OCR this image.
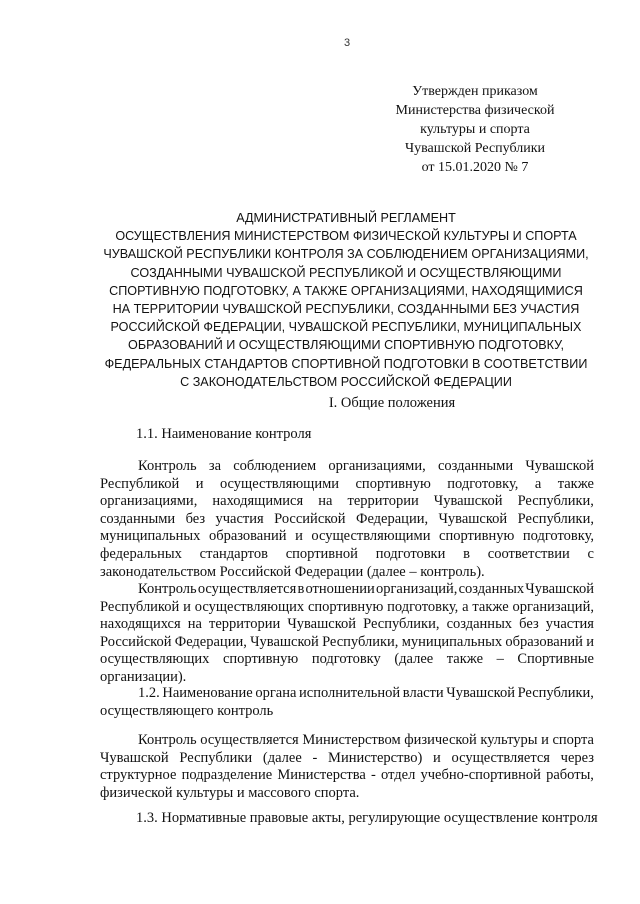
3
Утвержден приказом
Министерства физической
культуры и спорта
Чувашской Республики
от 15.01.2020 № 7
АДМИНИСТРАТИВНЫЙ РЕГЛАМЕНТ
ОСУЩЕСТВЛЕНИЯ МИНИСТЕРСТВОМ ФИЗИЧЕСКОЙ КУЛЬТУРЫ И СПОРТА
ЧУВАШСКОЙ РЕСПУБЛИКИ КОНТРОЛЯ ЗА СОБЛЮДЕНИЕМ ОРГАНИЗАЦИЯМИ,
СОЗДАННЫМИ ЧУВАШСКОЙ РЕСПУБЛИКОЙ И ОСУЩЕСТВЛЯЮЩИМИ
СПОРТИВНУЮ ПОДГОТОВКУ, А ТАКЖЕ ОРГАНИЗАЦИЯМИ, НАХОДЯЩИМИСЯ
НА ТЕРРИТОРИИ ЧУВАШСКОЙ РЕСПУБЛИКИ, СОЗДАННЫМИ БЕЗ УЧАСТИЯ
РОССИЙСКОЙ ФЕДЕРАЦИИ, ЧУВАШСКОЙ РЕСПУБЛИКИ, МУНИЦИПАЛЬНЫХ
ОБРАЗОВАНИЙ И ОСУЩЕСТВЛЯЮЩИМИ СПОРТИВНУЮ ПОДГОТОВКУ,
ФЕДЕРАЛЬНЫХ СТАНДАРТОВ СПОРТИВНОЙ ПОДГОТОВКИ В СООТВЕТСТВИИ
С ЗАКОНОДАТЕЛЬСТВОМ РОССИЙСКОЙ ФЕДЕРАЦИИ
I. Общие положения
1.1. Наименование контроля
Контроль за соблюдением организациями, созданными Чувашской
Республикой и осуществляющими спортивную подготовку, а также
организациями, находящимися на территории Чувашской Республики,
созданными без участия Российской Федерации, Чувашской Республики,
муниципальных образований и осуществляющими спортивную подготовку,
федеральных стандартов спортивной подготовки в соответствии с
законодательством Российской Федерации (далее – контроль).
Контроль осуществляется в отношении организаций, созданных Чувашской
Республикой и осуществляющих спортивную подготовку, а также организаций,
находящихся на территории Чувашской Республики, созданных без участия
Российской Федерации, Чувашской Республики, муниципальных образований и
осуществляющих спортивную подготовку (далее также – Спортивные
организации).
1.2. Наименование органа исполнительной власти Чувашской Республики,
осуществляющего контроль
Контроль осуществляется Министерством физической культуры и спорта
Чувашской Республики (далее - Министерство) и осуществляется через
структурное подразделение Министерства - отдел учебно-спортивной работы,
физической культуры и массового спорта.
1.3. Нормативные правовые акты, регулирующие осуществление контроля
